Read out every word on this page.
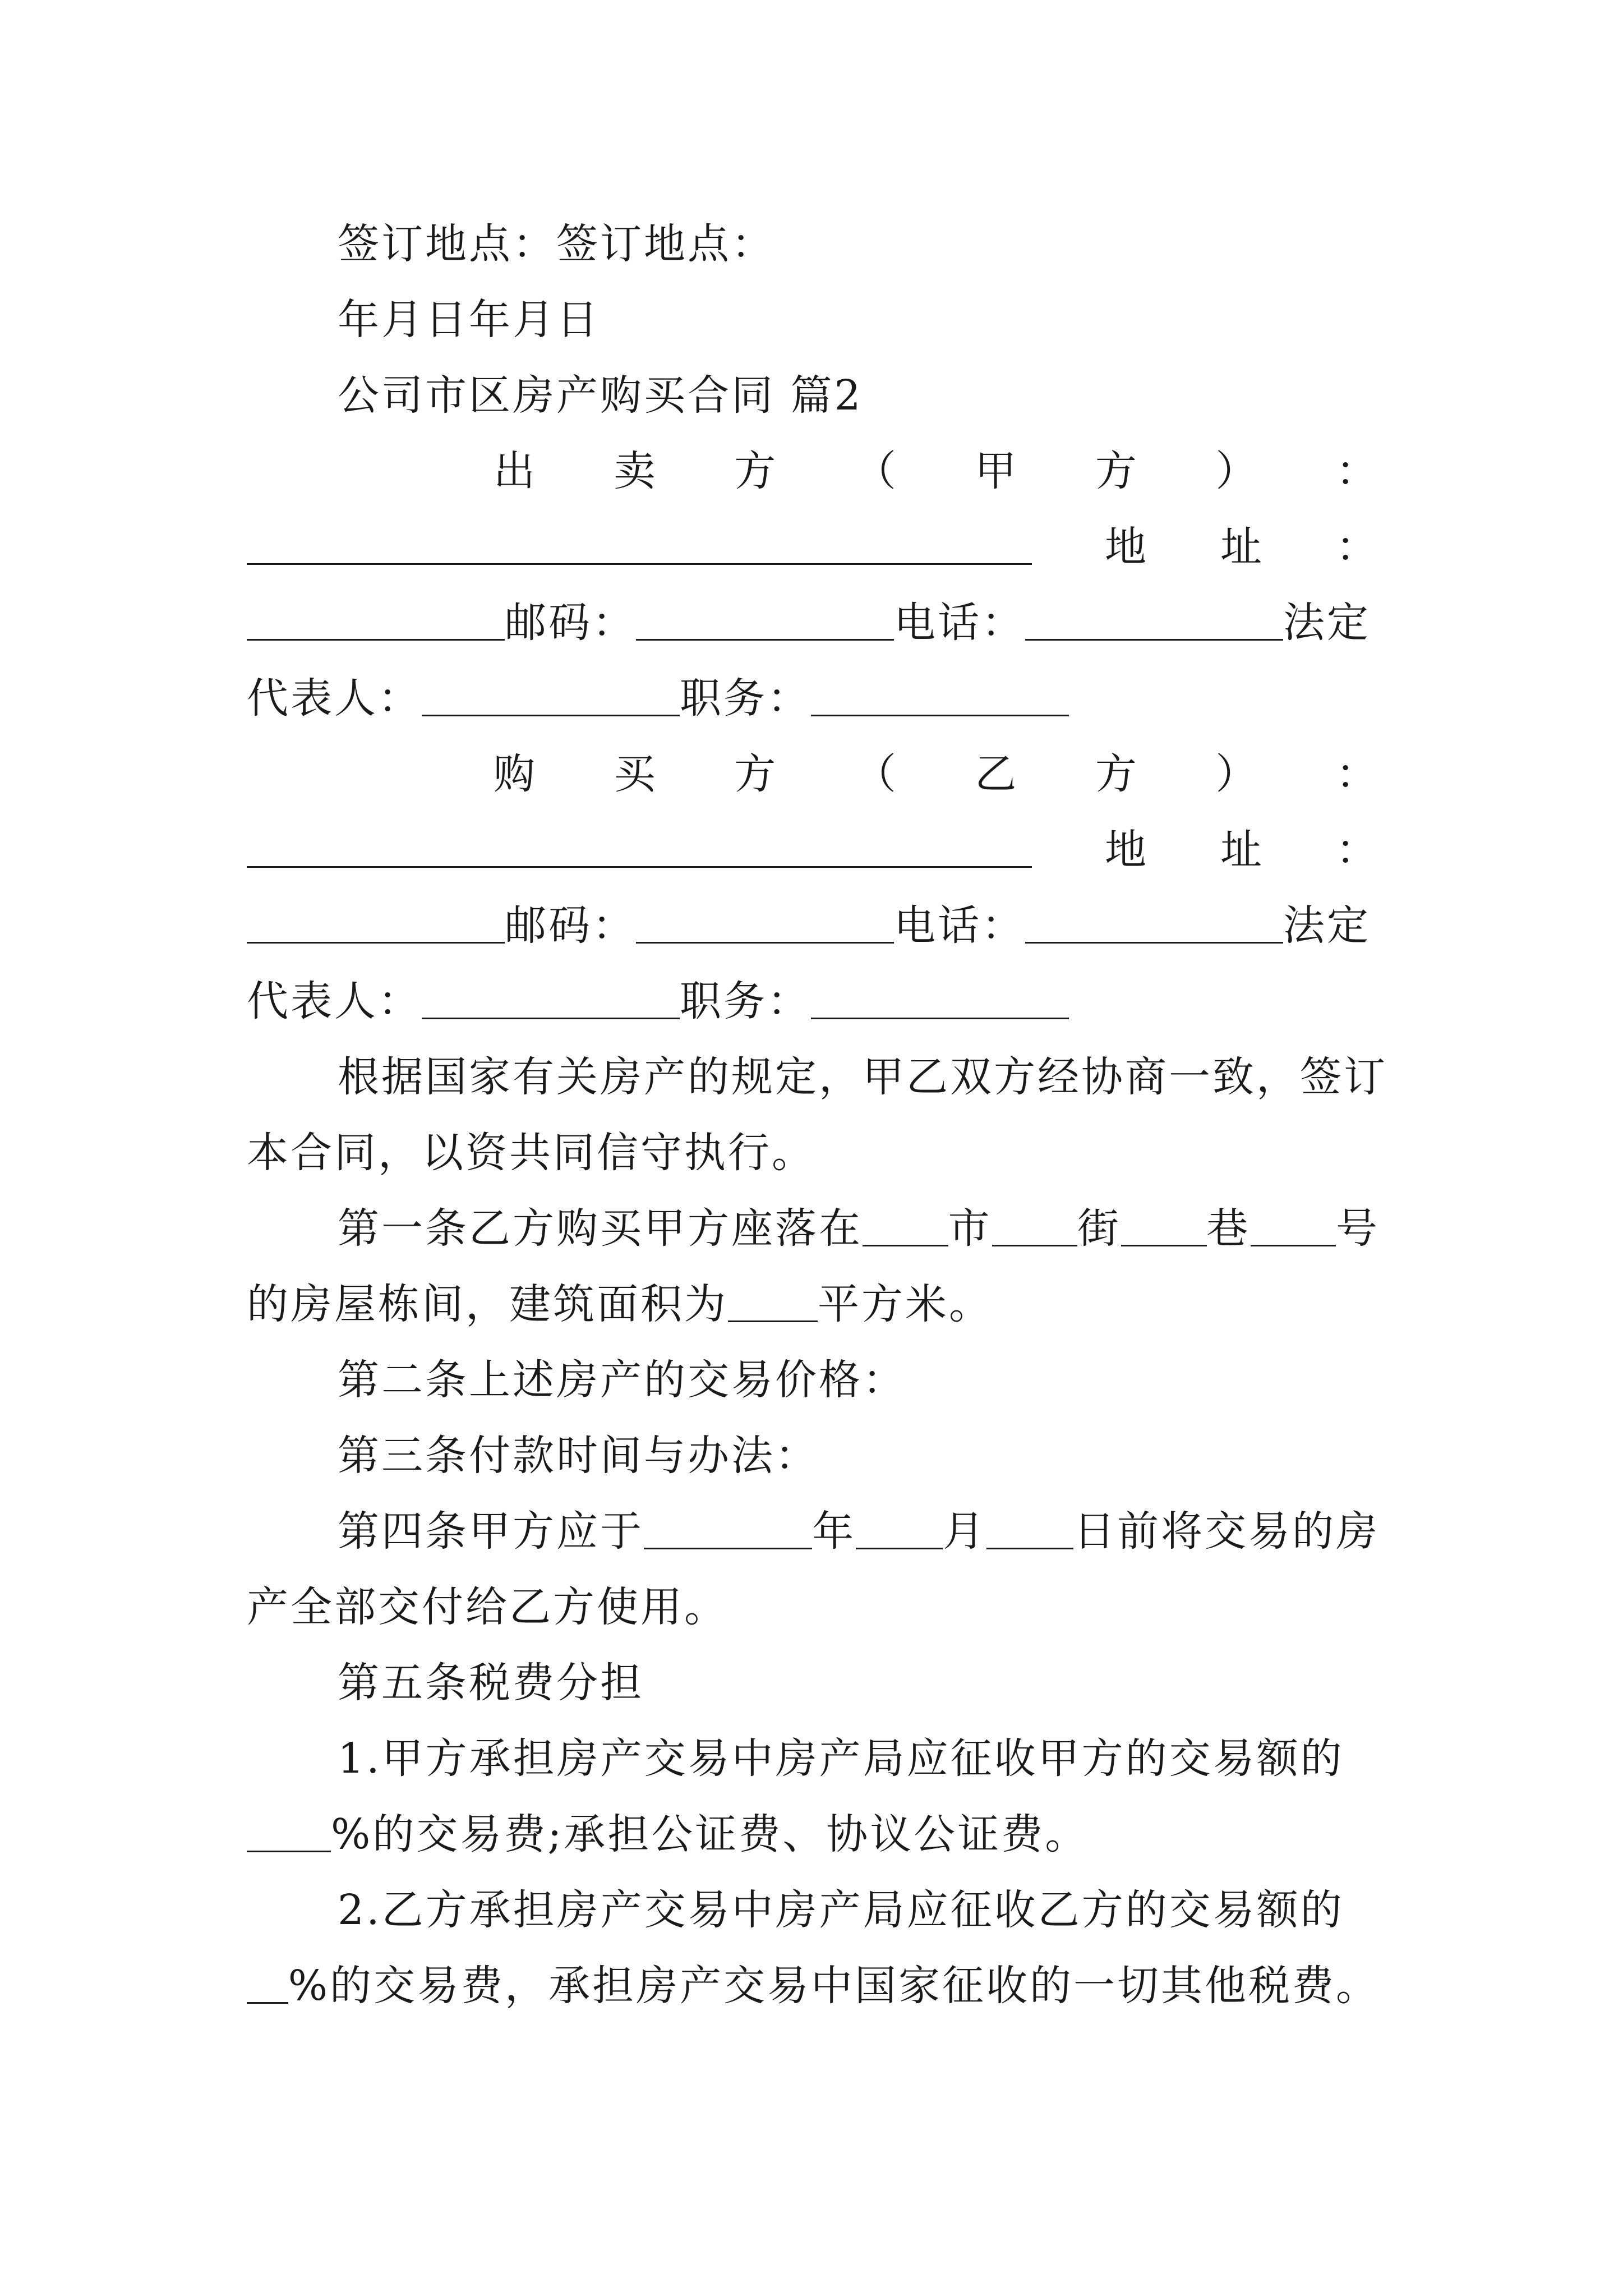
签订地点：签订地点：
年月日年月日
公司市区房产购买合同 篇2
出 卖 方 （ 甲 方 ） ：
地 址 ：
邮码：	电话：	法定
代表人：	职务：
购 买 方 （ 乙 方 ） ：
地 址 ：
邮码：	电话：	法定
代表人：	职务：
根据国家有关房产的规定，甲乙双方经协商一致，签订
本合同，以资共同信守执行。
第一条乙方购买甲方座落在 市 街 巷 号
的房屋栋间，建筑面积为 平方米。
第二条上述房产的交易价格：
第三条付款时间与办法：
第四条甲方应于	年 月 日前将交易的房
产全部交付给乙方使用。
第五条税费分担
1.甲方承担房产交易中房产局应征收甲方的交易额的
%的交易费;承担公证费、协议公证费。
2.乙方承担房产交易中房产局应征收乙方的交易额的
%的交易费，承担房产交易中国家征收的一切其他税费。
